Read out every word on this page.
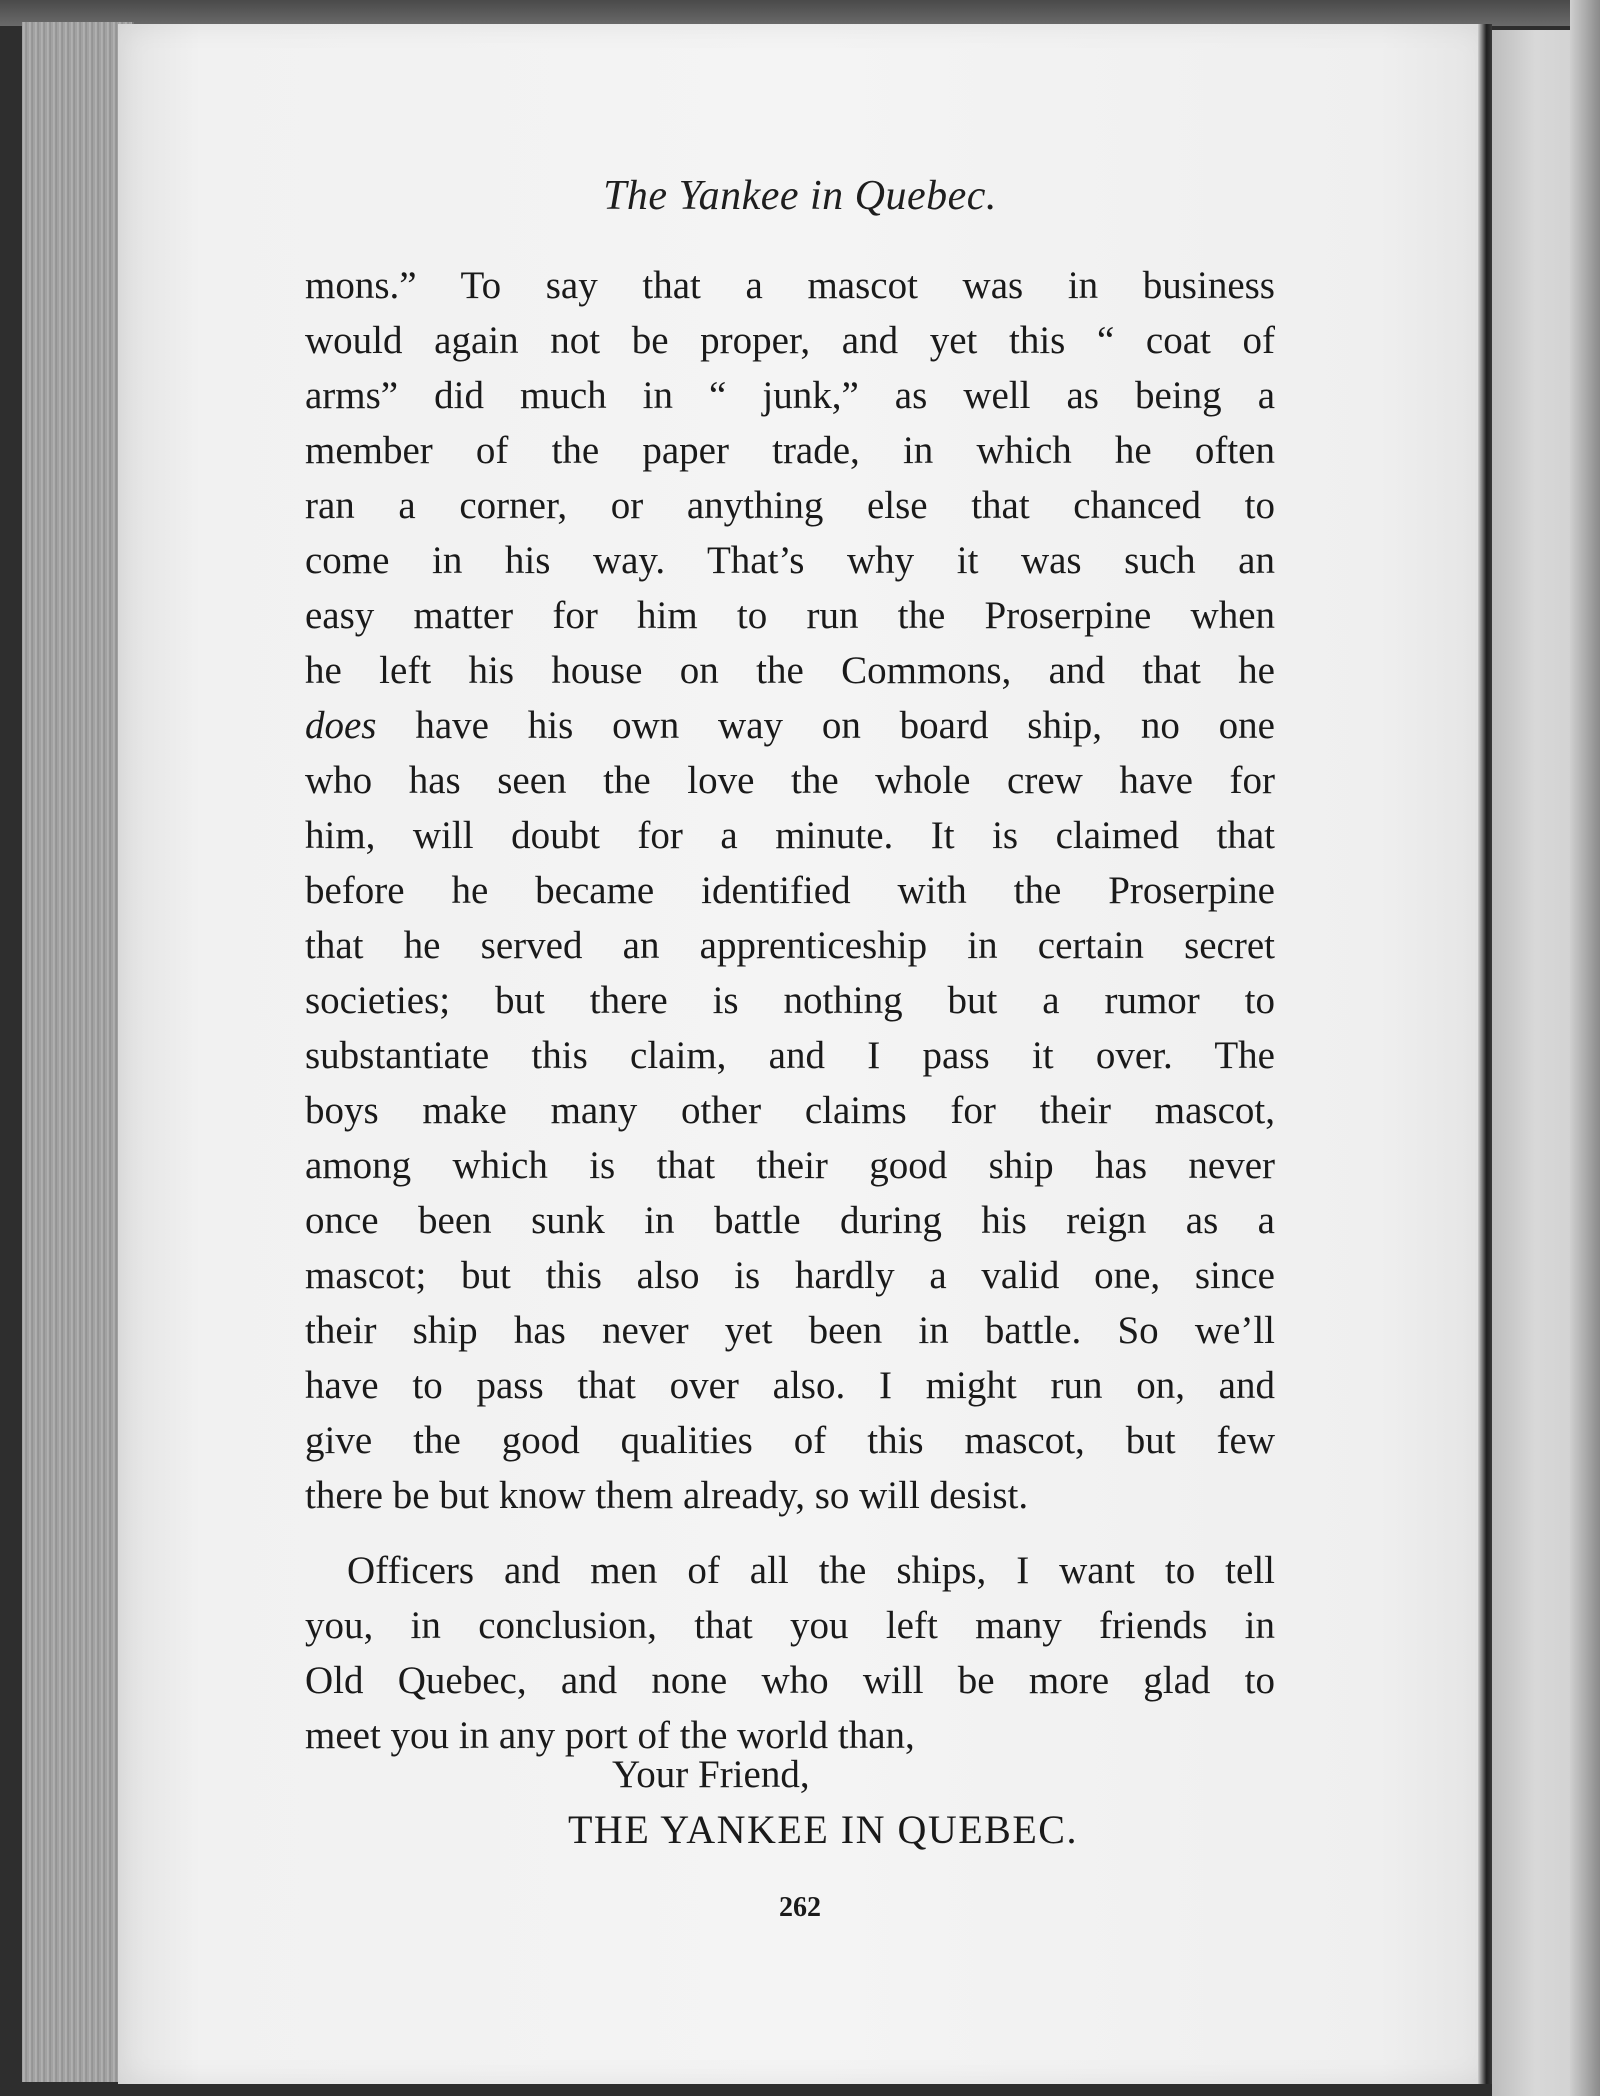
The Yankee in Quebec.
mons.” To say that a mascot was in business
would again not be proper, and yet this “ coat of
arms” did much in “ junk,” as well as being a
member of the paper trade, in which he often
ran a corner, or anything else that chanced to
come in his way. That’s why it was such an
easy matter for him to run the Proserpine when
he left his house on the Commons, and that he
does have his own way on board ship, no one
who has seen the love the whole crew have for
him, will doubt for a minute. It is claimed that
before he became identified with the Proserpine
that he served an apprenticeship in certain secret
societies; but there is nothing but a rumor to
substantiate this claim, and I pass it over. The
boys make many other claims for their mascot,
among which is that their good ship has never
once been sunk in battle during his reign as a
mascot; but this also is hardly a valid one, since
their ship has never yet been in battle. So we’ll
have to pass that over also. I might run on, and
give the good qualities of this mascot, but few
there be but know them already, so will desist.
Officers and men of all the ships, I want to tell
you, in conclusion, that you left many friends in
Old Quebec, and none who will be more glad to
meet you in any port of the world than,
Your Friend,
THE YANKEE IN QUEBEC.
262
